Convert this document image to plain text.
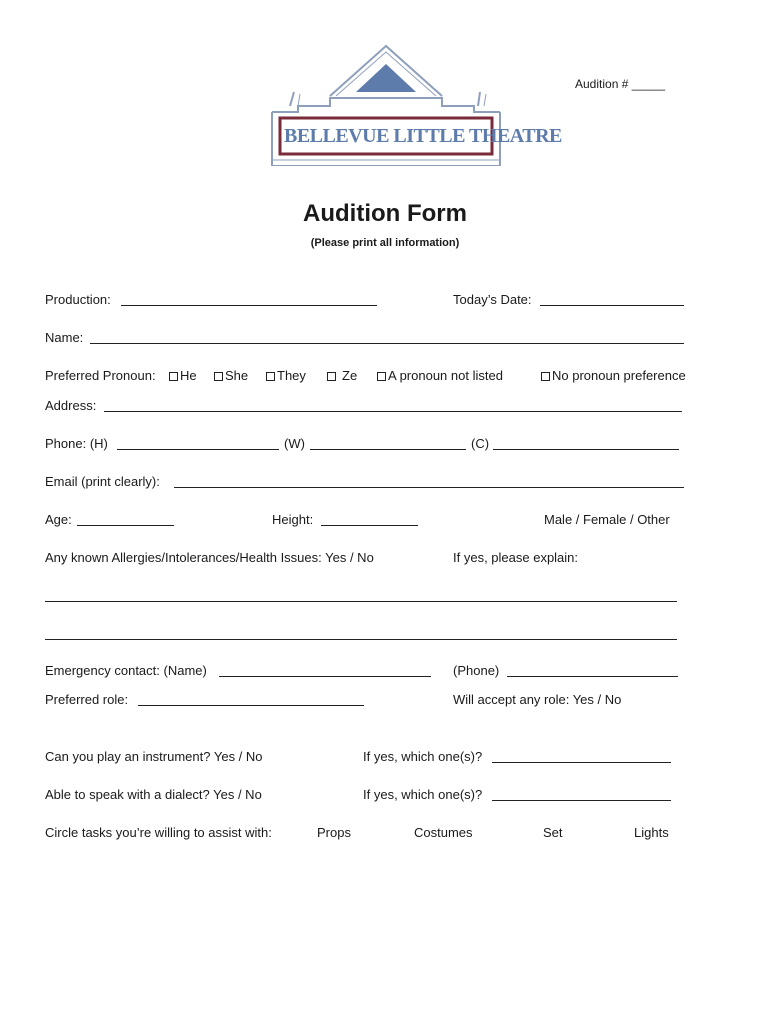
Audition # _____
BELLEVUE LITTLE THEATRE
Audition Form
(Please print all information)
Production:	Today’s Date:
Name:
Preferred Pronoun:	He	She	They	Ze	A pronoun not listed	No pronoun preference
Address:
Phone: (H)	(W)	(C)
Email (print clearly):
Age:	Height:	Male / Female / Other
Any known Allergies/Intolerances/Health Issues: Yes / No	If yes, please explain:
Emergency contact: (Name)	(Phone)
Preferred role:	Will accept any role: Yes / No
Can you play an instrument? Yes / No	If yes, which one(s)?
Able to speak with a dialect? Yes / No	If yes, which one(s)?
Circle tasks you’re willing to assist with:	Props	Costumes	Set	Lights
